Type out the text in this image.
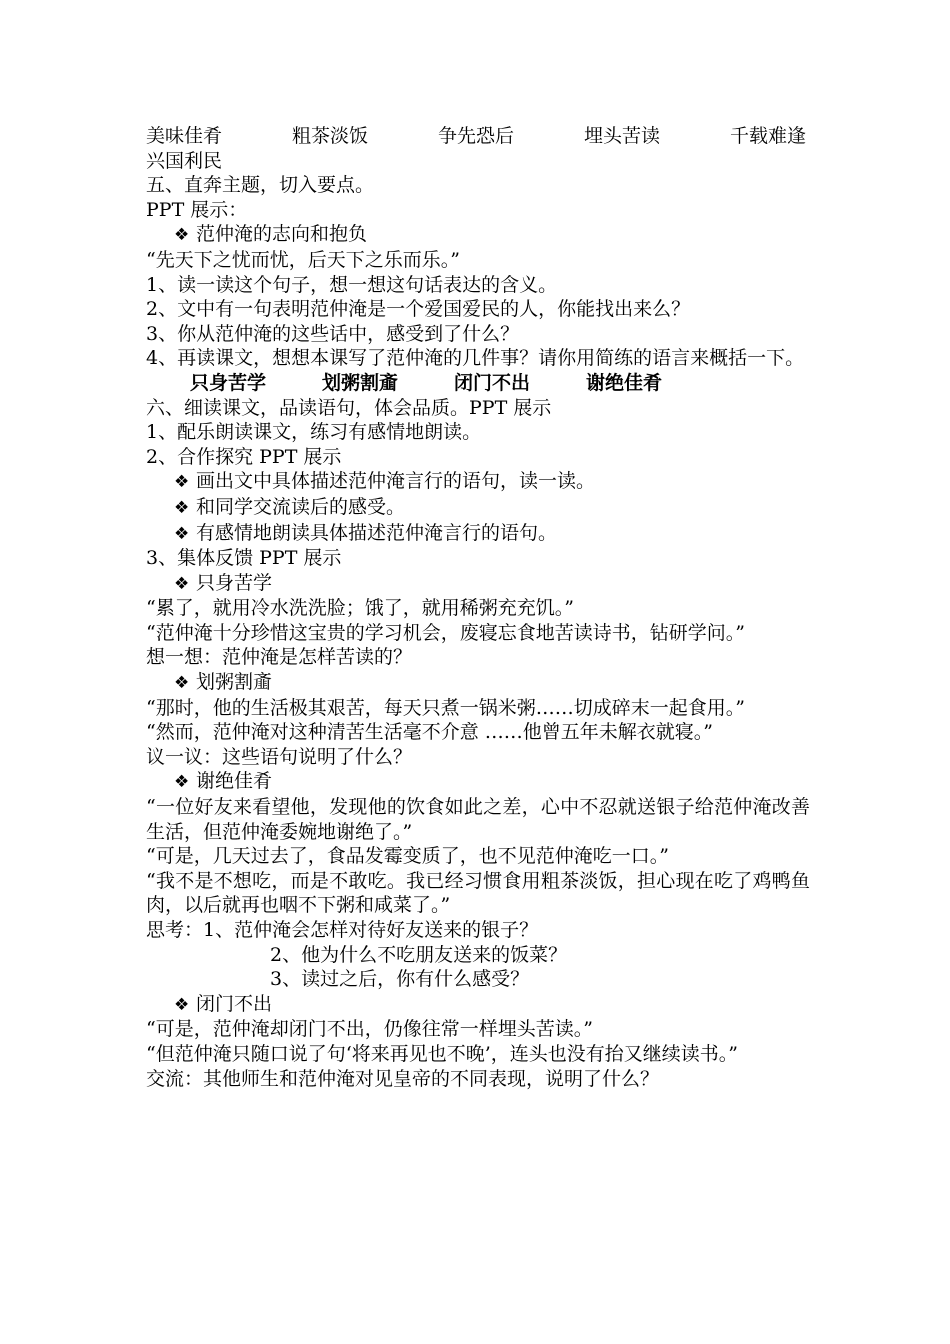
美味佳肴	粗茶淡饭	争先恐后	埋头苦读	千载难逢
兴国利民
五、直奔主题，切入要点。
PPT 展示：
❖ 范仲淹的志向和抱负
“先天下之忧而忧，后天下之乐而乐。”
1、读一读这个句子，想一想这句话表达的含义。
2、文中有一句表明范仲淹是一个爱国爱民的人，你能找出来么？
3、你从范仲淹的这些话中，感受到了什么？
4、再读课文，想想本课写了范仲淹的几件事？请你用简练的语言来概括一下。
只身苦学	划粥割齑	闭门不出	谢绝佳肴
六、细读课文，品读语句，体会品质。PPT 展示
1、配乐朗读课文，练习有感情地朗读。
2、合作探究 PPT 展示
❖ 画出文中具体描述范仲淹言行的语句，读一读。
❖ 和同学交流读后的感受。
❖ 有感情地朗读具体描述范仲淹言行的语句。
3、集体反馈 PPT 展示
❖ 只身苦学
“累了，就用冷水洗洗脸；饿了，就用稀粥充充饥。”
“范仲淹十分珍惜这宝贵的学习机会，废寝忘食地苦读诗书，钻研学问。”
想一想：范仲淹是怎样苦读的？
❖ 划粥割齑
“那时，他的生活极其艰苦，每天只煮一锅米粥……切成碎末一起食用。”
“然而，范仲淹对这种清苦生活毫不介意 ……他曾五年未解衣就寝。”
议一议：这些语句说明了什么？
❖ 谢绝佳肴
“一位好友来看望他，发现他的饮食如此之差，心中不忍就送银子给范仲淹改善生活，但范仲淹委婉地谢绝了。”
“可是，几天过去了，食品发霉变质了，也不见范仲淹吃一口。”
“我不是不想吃，而是不敢吃。我已经习惯食用粗茶淡饭，担心现在吃了鸡鸭鱼肉，以后就再也咽不下粥和咸菜了。”
思考：1、范仲淹会怎样对待好友送来的银子？
2、他为什么不吃朋友送来的饭菜？
3、读过之后，你有什么感受？
❖ 闭门不出
“可是，范仲淹却闭门不出，仍像往常一样埋头苦读。”
“但范仲淹只随口说了句‘将来再见也不晚’，连头也没有抬又继续读书。”
交流：其他师生和范仲淹对见皇帝的不同表现，说明了什么？
